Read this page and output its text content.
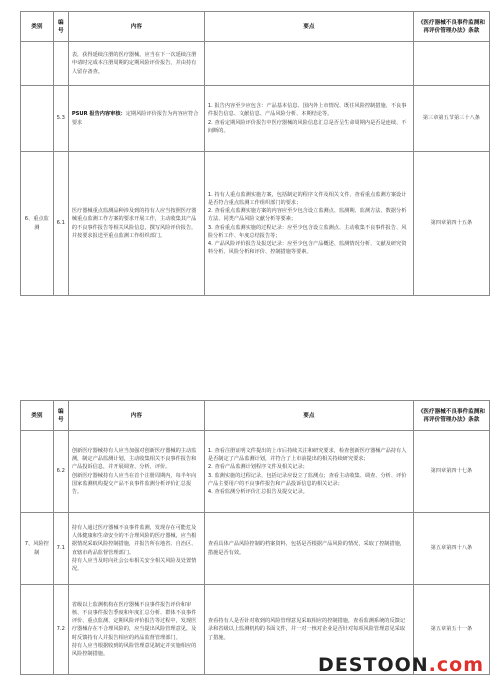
类别	编号	内容	要点	《医疗器械不良事件监测和再评价管理办法》条款
		表，获得延续注册的医疗器械，应当在下一次延续注册申请时完成本注册周期的定期风险评价报告，并由持有人留存备查。		
	5.3	PSUR 报告内容审核：定期风险评价报告为内容应符合要求	1. 报告内容至少应包含：产品基本信息、国内外上市情况、既往风险控制措施、不良事件报告信息、文献信息、产品风险分析、本期结论等。
2. 查看定期风险评价报告中医疗器械的风险信息汇总是否呈生命周期内是否是连续、不间断的。	第三章第五节第三十八条
6、重点监测	6.1	医疗器械重点监测品种涉及到的持有人应当按照医疗器械重点监测工作方案的要求开展工作，主动收集其产品的不良事件报告等相关风险信息，撰写风险评价报告，并按要求报送至重点监测工作组织部门。	1. 持有人重点监测实施方案，包括制定的程序文件及相关文件，查看重点监测方案设计是否符合重点监测工作组织部门的要求；
2. 查看重点监测实施方案的内容应至少包含设立监测点、监测期、监测方法、数据分析方法、同类产品风险文献分析等要素；
3. 查看重点监测实施的过程记录：应至少包含设立监测点、主动收集不良事件报告、风险分析工作、年度总结报告等；
4. 产品风险评价报告及报送记录：应至少包含产品概述、监测情况分析、文献及研究资料分析、风险分析和评价、控制措施等要素。	第四章第四十五条
类别	编号	内容	要点	《医疗器械不良事件监测和再评价管理办法》条款
	6.2	创新医疗器械持有人应当加强对创新医疗器械的主动监测，制定产品监测计划，主动收集相关不良事件报告和产品投诉信息，并开展调查、分析、评价。
创新医疗器械持有人应当在首个注册周期内，每半年向国家监测机构提交产品不良事件监测分析评价汇总报告。	1. 查看注册证明文件提出的上市后持续关注和研究要求，检查创新医疗器械产品持有人是否制定了产品监测计划，并符合了上市前提出的相关持续研究要求；
2. 查看产品监测计划程序文件及相关记录；
3. 监测实施的过程记录，包括记录应设立了监测点；查看主动收集、调查、分析、评价产品主要用户的不良事件报告和产品投诉信息的相关记录；
4. 查看监测分析评价汇总报告及提交记录。	第四章第四十七条
7、风险控制	7.1	持有人通过医疗器械不良事件监测，发现存在可能危及人体健康和生命安全的不合理风险的医疗器械，应当根据情况采取风险控制措施，并报告所在地省、自治区、直辖市药品监督管理部门。
持有人应当及时向社会公布相关安全相关风险及处置情况。	查看具体产品风险控制的档案资料，包括是否根据产品风险的情况，采取了控制措施，措施是否有效。	第五章第四十八条
	7.2	省级以上监测机构在医疗器械不良事件报告评价和审核、不良事件报告季度和年度汇总分析、群体不良事件评价、重点监测、定期风险评价报告等过程中，发现医疗器械存在不合理风险的，应当提出风险管理意见，及时反馈持有人并报告相应的药品监督管理部门。
持有人应当根据收到的风险管理意见制定并实施相应的风险控制措施。	查看持有人是否针对收到的风险管理意见采取相应的控制措施，查看监测系统的反馈记录和省级以上监测机构的书面文件，并一对一核对企业是否针对每项风险管理意见采取了措施。	第五章第五十一条
DESTOON.com
